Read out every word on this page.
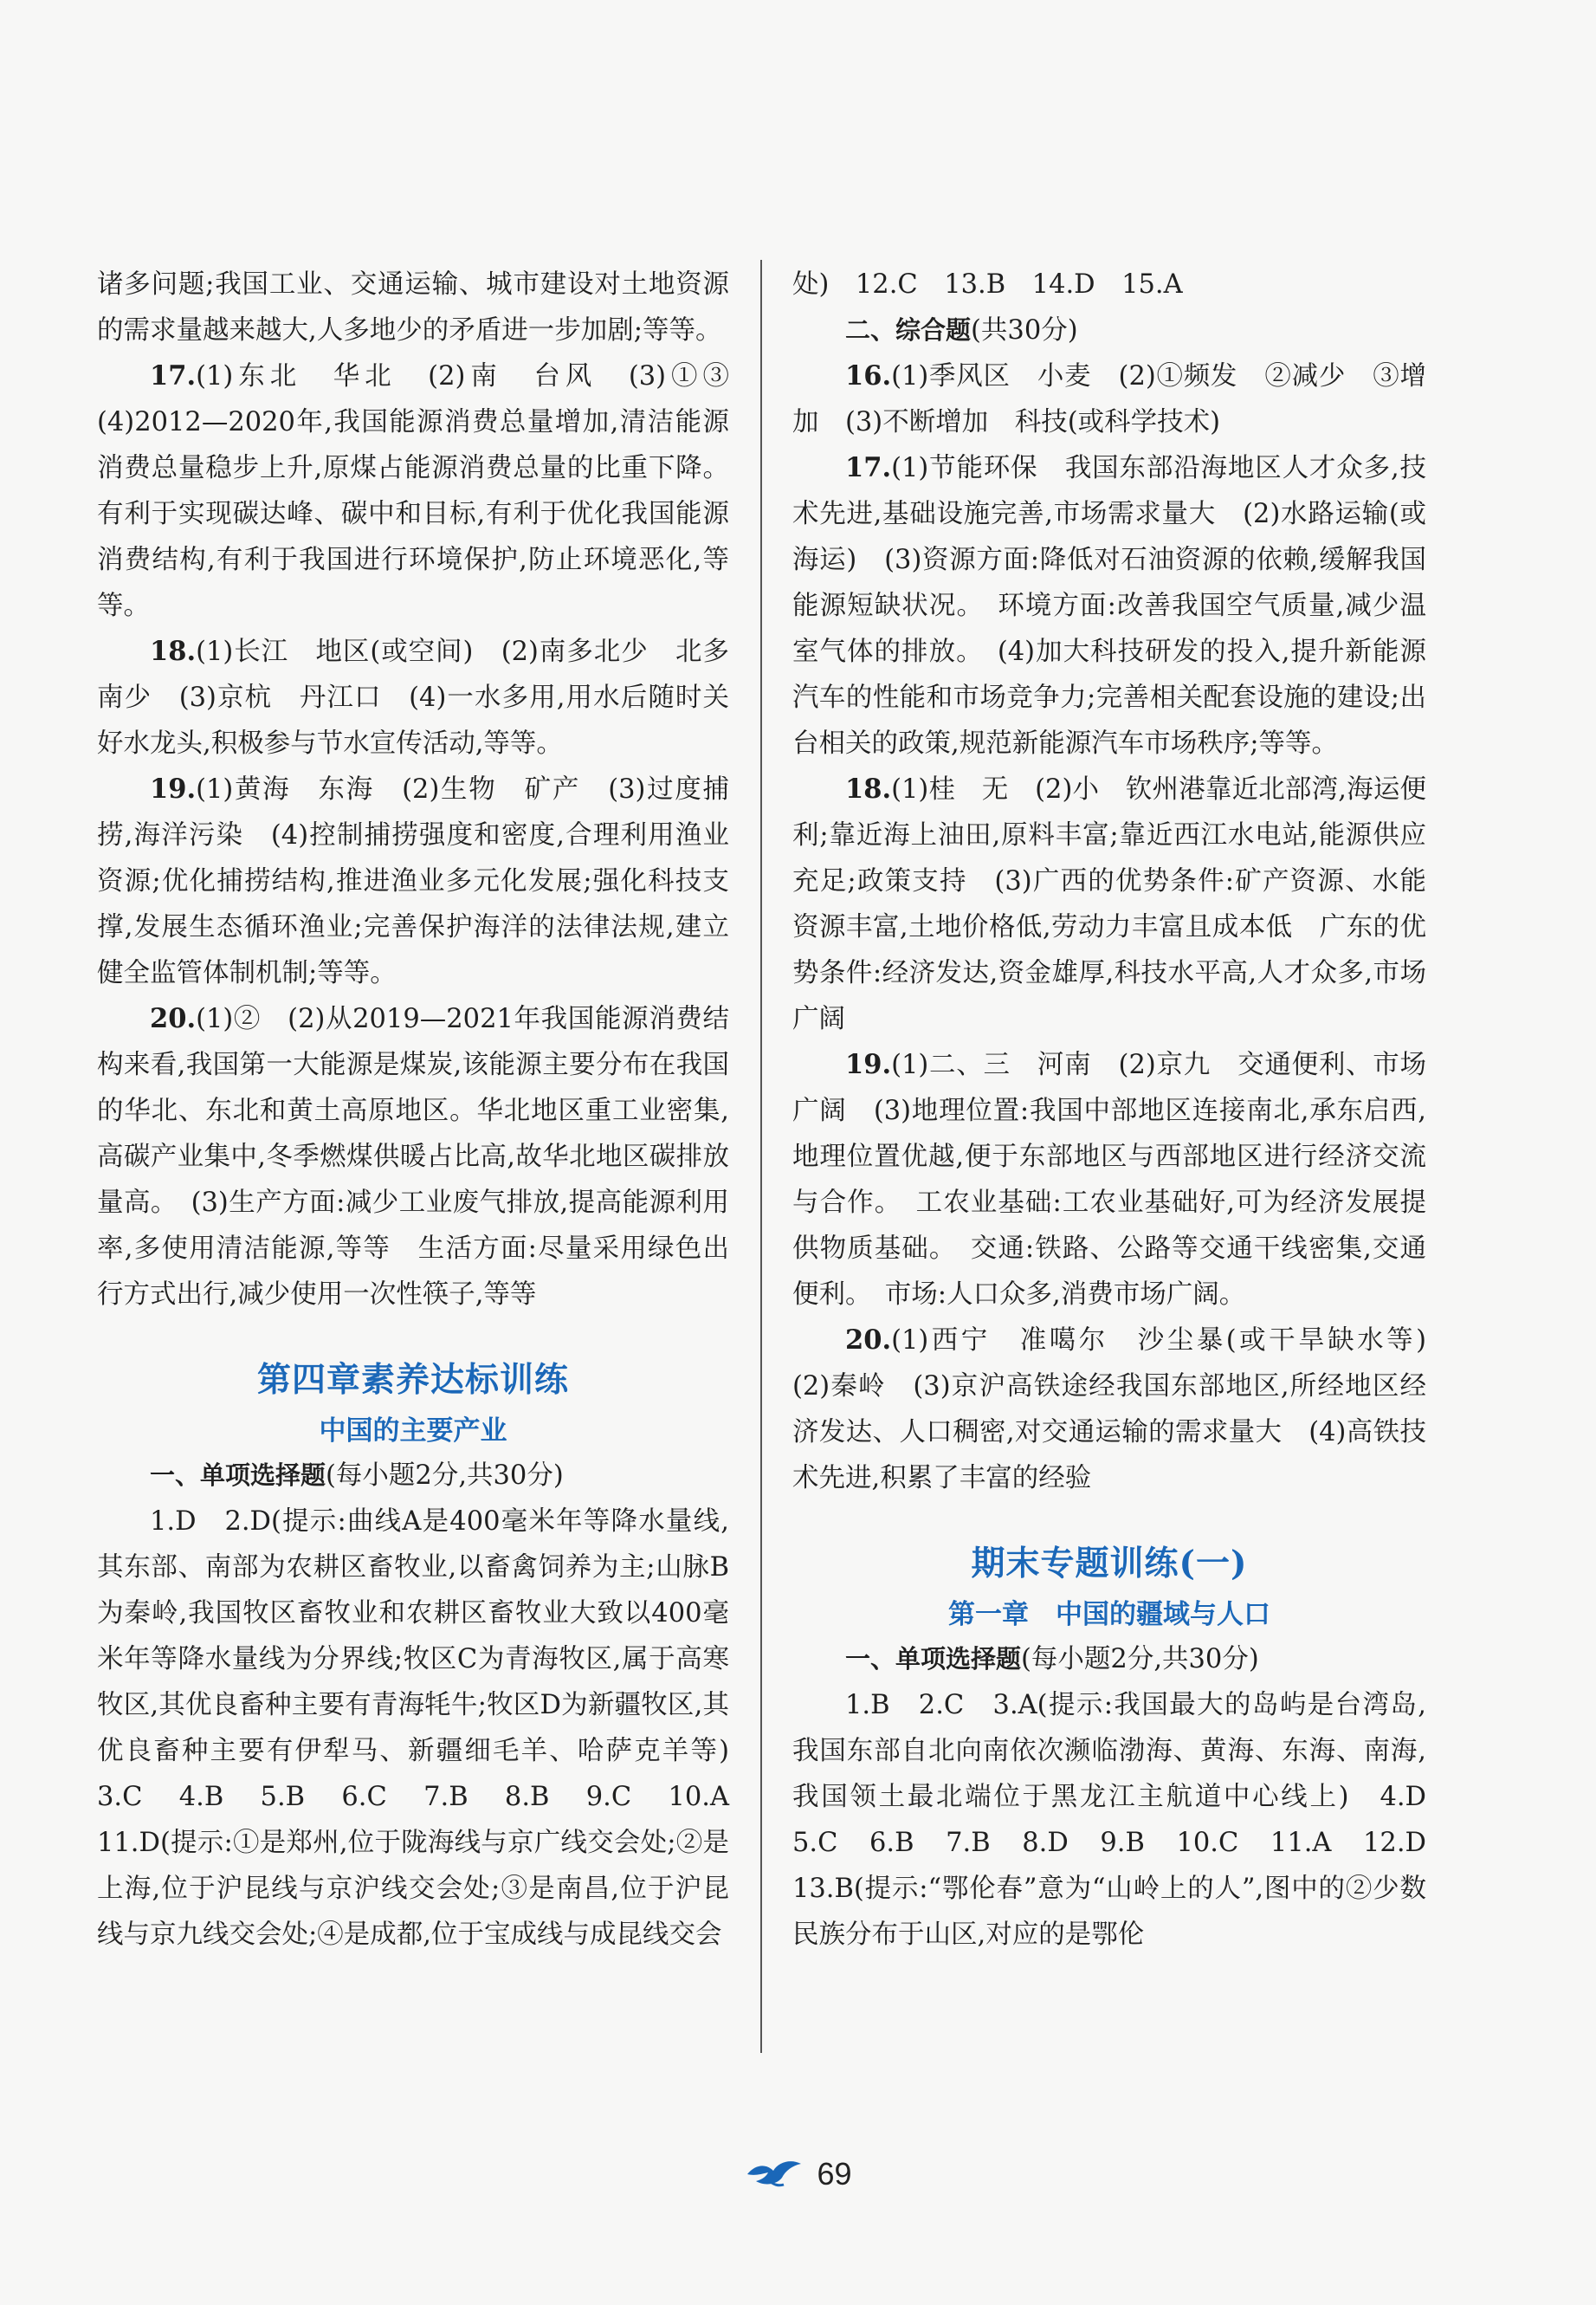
诸多问题;我国工业、交通运输、城市建设对土地资源的需求量越来越大,人多地少的矛盾进一步加剧;等等。

17.(1)东北　华北　(2)南　台风　(3)①③　(4)2012—2020年,我国能源消费总量增加,清洁能源消费总量稳步上升,原煤占能源消费总量的比重下降。有利于实现碳达峰、碳中和目标,有利于优化我国能源消费结构,有利于我国进行环境保护,防止环境恶化,等等。

18.(1)长江　地区(或空间)　(2)南多北少　北多南少　(3)京杭　丹江口　(4)一水多用,用水后随时关好水龙头,积极参与节水宣传活动,等等。

19.(1)黄海　东海　(2)生物　矿产　(3)过度捕捞,海洋污染　(4)控制捕捞强度和密度,合理利用渔业资源;优化捕捞结构,推进渔业多元化发展;强化科技支撑,发展生态循环渔业;完善保护海洋的法律法规,建立健全监管体制机制;等等。

20.(1)②　(2)从2019—2021年我国能源消费结构来看,我国第一大能源是煤炭,该能源主要分布在我国的华北、东北和黄土高原地区。华北地区重工业密集,高碳产业集中,冬季燃煤供暖占比高,故华北地区碳排放量高。　(3)生产方面:减少工业废气排放,提高能源利用率,多使用清洁能源,等等　生活方面:尽量采用绿色出行方式出行,减少使用一次性筷子,等等

第四章素养达标训练
中国的主要产业

一、单项选择题(每小题2分,共30分)

1.D　2.D(提示:曲线A是400毫米年等降水量线,其东部、南部为农耕区畜牧业,以畜禽饲养为主;山脉B为秦岭,我国牧区畜牧业和农耕区畜牧业大致以400毫米年等降水量线为分界线;牧区C为青海牧区,属于高寒牧区,其优良畜种主要有青海牦牛;牧区D为新疆牧区,其优良畜种主要有伊犁马、新疆细毛羊、哈萨克羊等)　3.C　4.B　5.B　6.C　7.B　8.B　9.C　10.A　11.D(提示:①是郑州,位于陇海线与京广线交会处;②是上海,位于沪昆线与京沪线交会处;③是南昌,位于沪昆线与京九线交会处;④是成都,位于宝成线与成昆线交会

处)　12.C　13.B　14.D　15.A

二、综合题(共30分)

16.(1)季风区　小麦　(2)①频发　②减少　③增加　(3)不断增加　科技(或科学技术)

17.(1)节能环保　我国东部沿海地区人才众多,技术先进,基础设施完善,市场需求量大　(2)水路运输(或海运)　(3)资源方面:降低对石油资源的依赖,缓解我国能源短缺状况。　环境方面:改善我国空气质量,减少温室气体的排放。　(4)加大科技研发的投入,提升新能源汽车的性能和市场竞争力;完善相关配套设施的建设;出台相关的政策,规范新能源汽车市场秩序;等等。

18.(1)桂　无　(2)小　钦州港靠近北部湾,海运便利;靠近海上油田,原料丰富;靠近西江水电站,能源供应充足;政策支持　(3)广西的优势条件:矿产资源、水能资源丰富,土地价格低,劳动力丰富且成本低　广东的优势条件:经济发达,资金雄厚,科技水平高,人才众多,市场广阔

19.(1)二、三　河南　(2)京九　交通便利、市场广阔　(3)地理位置:我国中部地区连接南北,承东启西,地理位置优越,便于东部地区与西部地区进行经济交流与合作。　工农业基础:工农业基础好,可为经济发展提供物质基础。　交通:铁路、公路等交通干线密集,交通便利。　市场:人口众多,消费市场广阔。

20.(1)西宁　准噶尔　沙尘暴(或干旱缺水等)　(2)秦岭　(3)京沪高铁途经我国东部地区,所经地区经济发达、人口稠密,对交通运输的需求量大　(4)高铁技术先进,积累了丰富的经验

期末专题训练(一)
第一章　中国的疆域与人口

一、单项选择题(每小题2分,共30分)

1.B　2.C　3.A(提示:我国最大的岛屿是台湾岛,我国东部自北向南依次濒临渤海、黄海、东海、南海,我国领土最北端位于黑龙江主航道中心线上)　4.D　5.C　6.B　7.B　8.D　9.B　10.C　11.A　12.D　13.B(提示:“鄂伦春”意为“山岭上的人”,图中的②少数民族分布于山区,对应的是鄂伦

69
